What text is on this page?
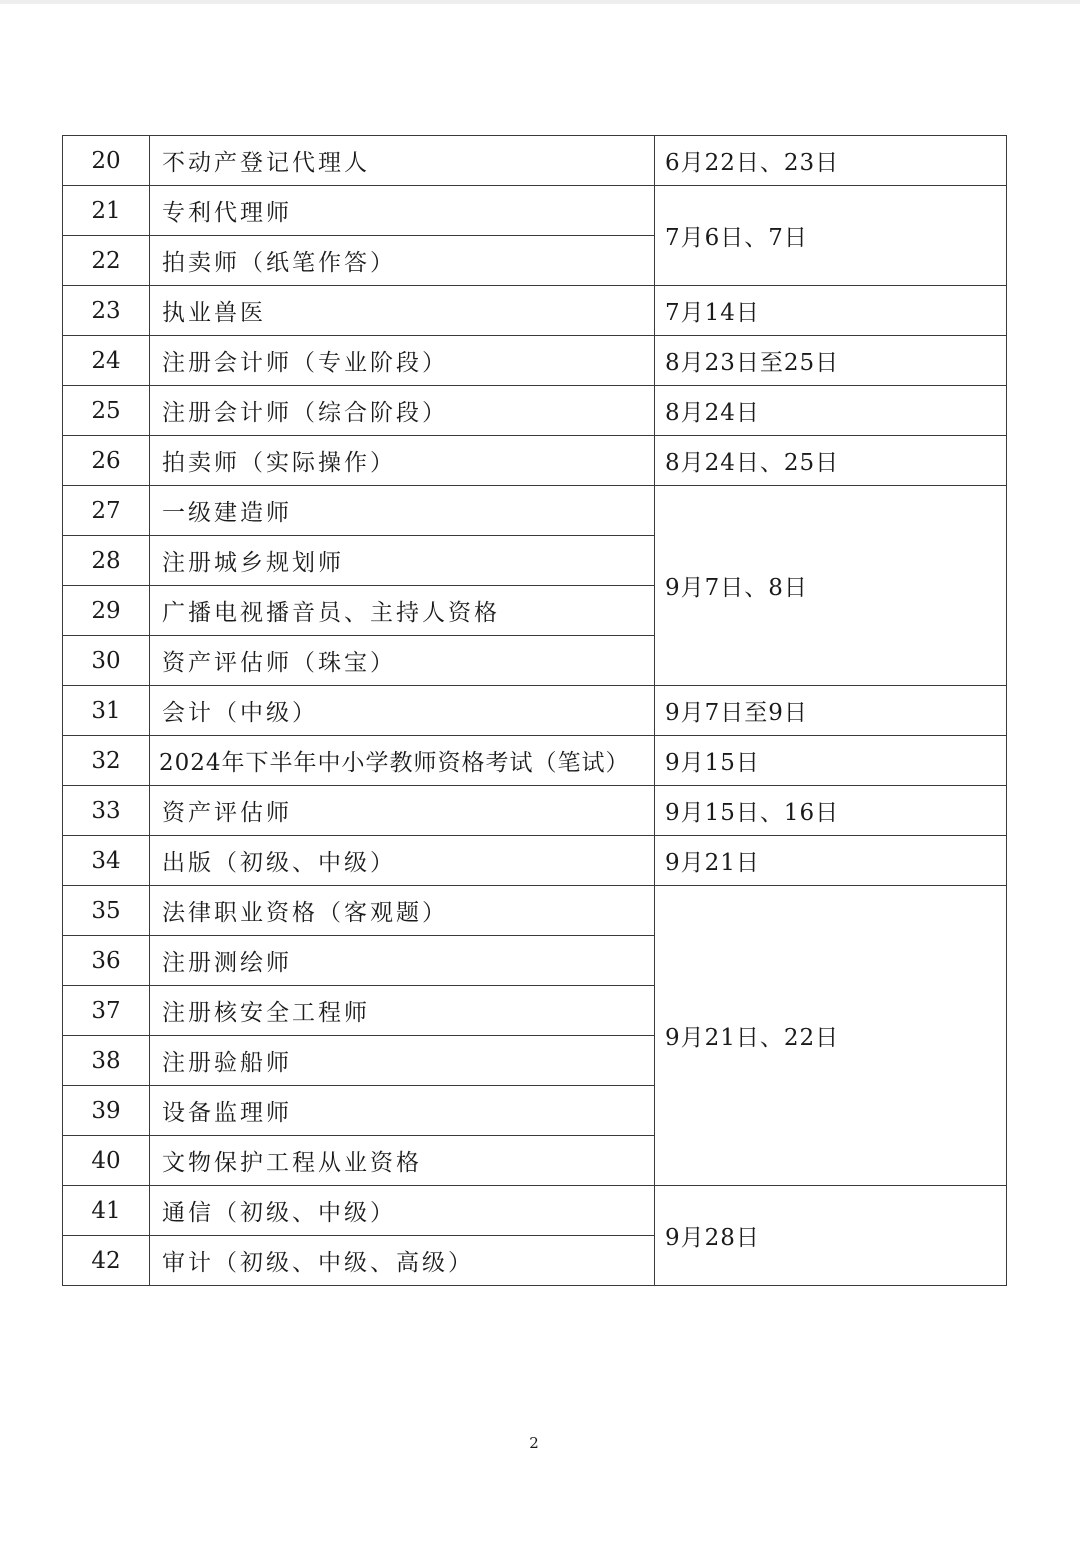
20	不动产登记代理人	6月22日、23日
21	专利代理师	7月6日、7日
22	拍卖师（纸笔作答）	
23	执业兽医	7月14日
24	注册会计师（专业阶段）	8月23日至25日
25	注册会计师（综合阶段）	8月24日
26	拍卖师（实际操作）	8月24日、25日
27	一级建造师	9月7日、8日
28	注册城乡规划师	
29	广播电视播音员、主持人资格	
30	资产评估师（珠宝）	
31	会计（中级）	9月7日至9日
32	2024年下半年中小学教师资格考试（笔试）	9月15日
33	资产评估师	9月15日、16日
34	出版（初级、中级）	9月21日
35	法律职业资格（客观题）	9月21日、22日
36	注册测绘师	
37	注册核安全工程师	
38	注册验船师	
39	设备监理师	
40	文物保护工程从业资格	
41	通信（初级、中级）	9月28日
42	审计（初级、中级、高级）	
2
